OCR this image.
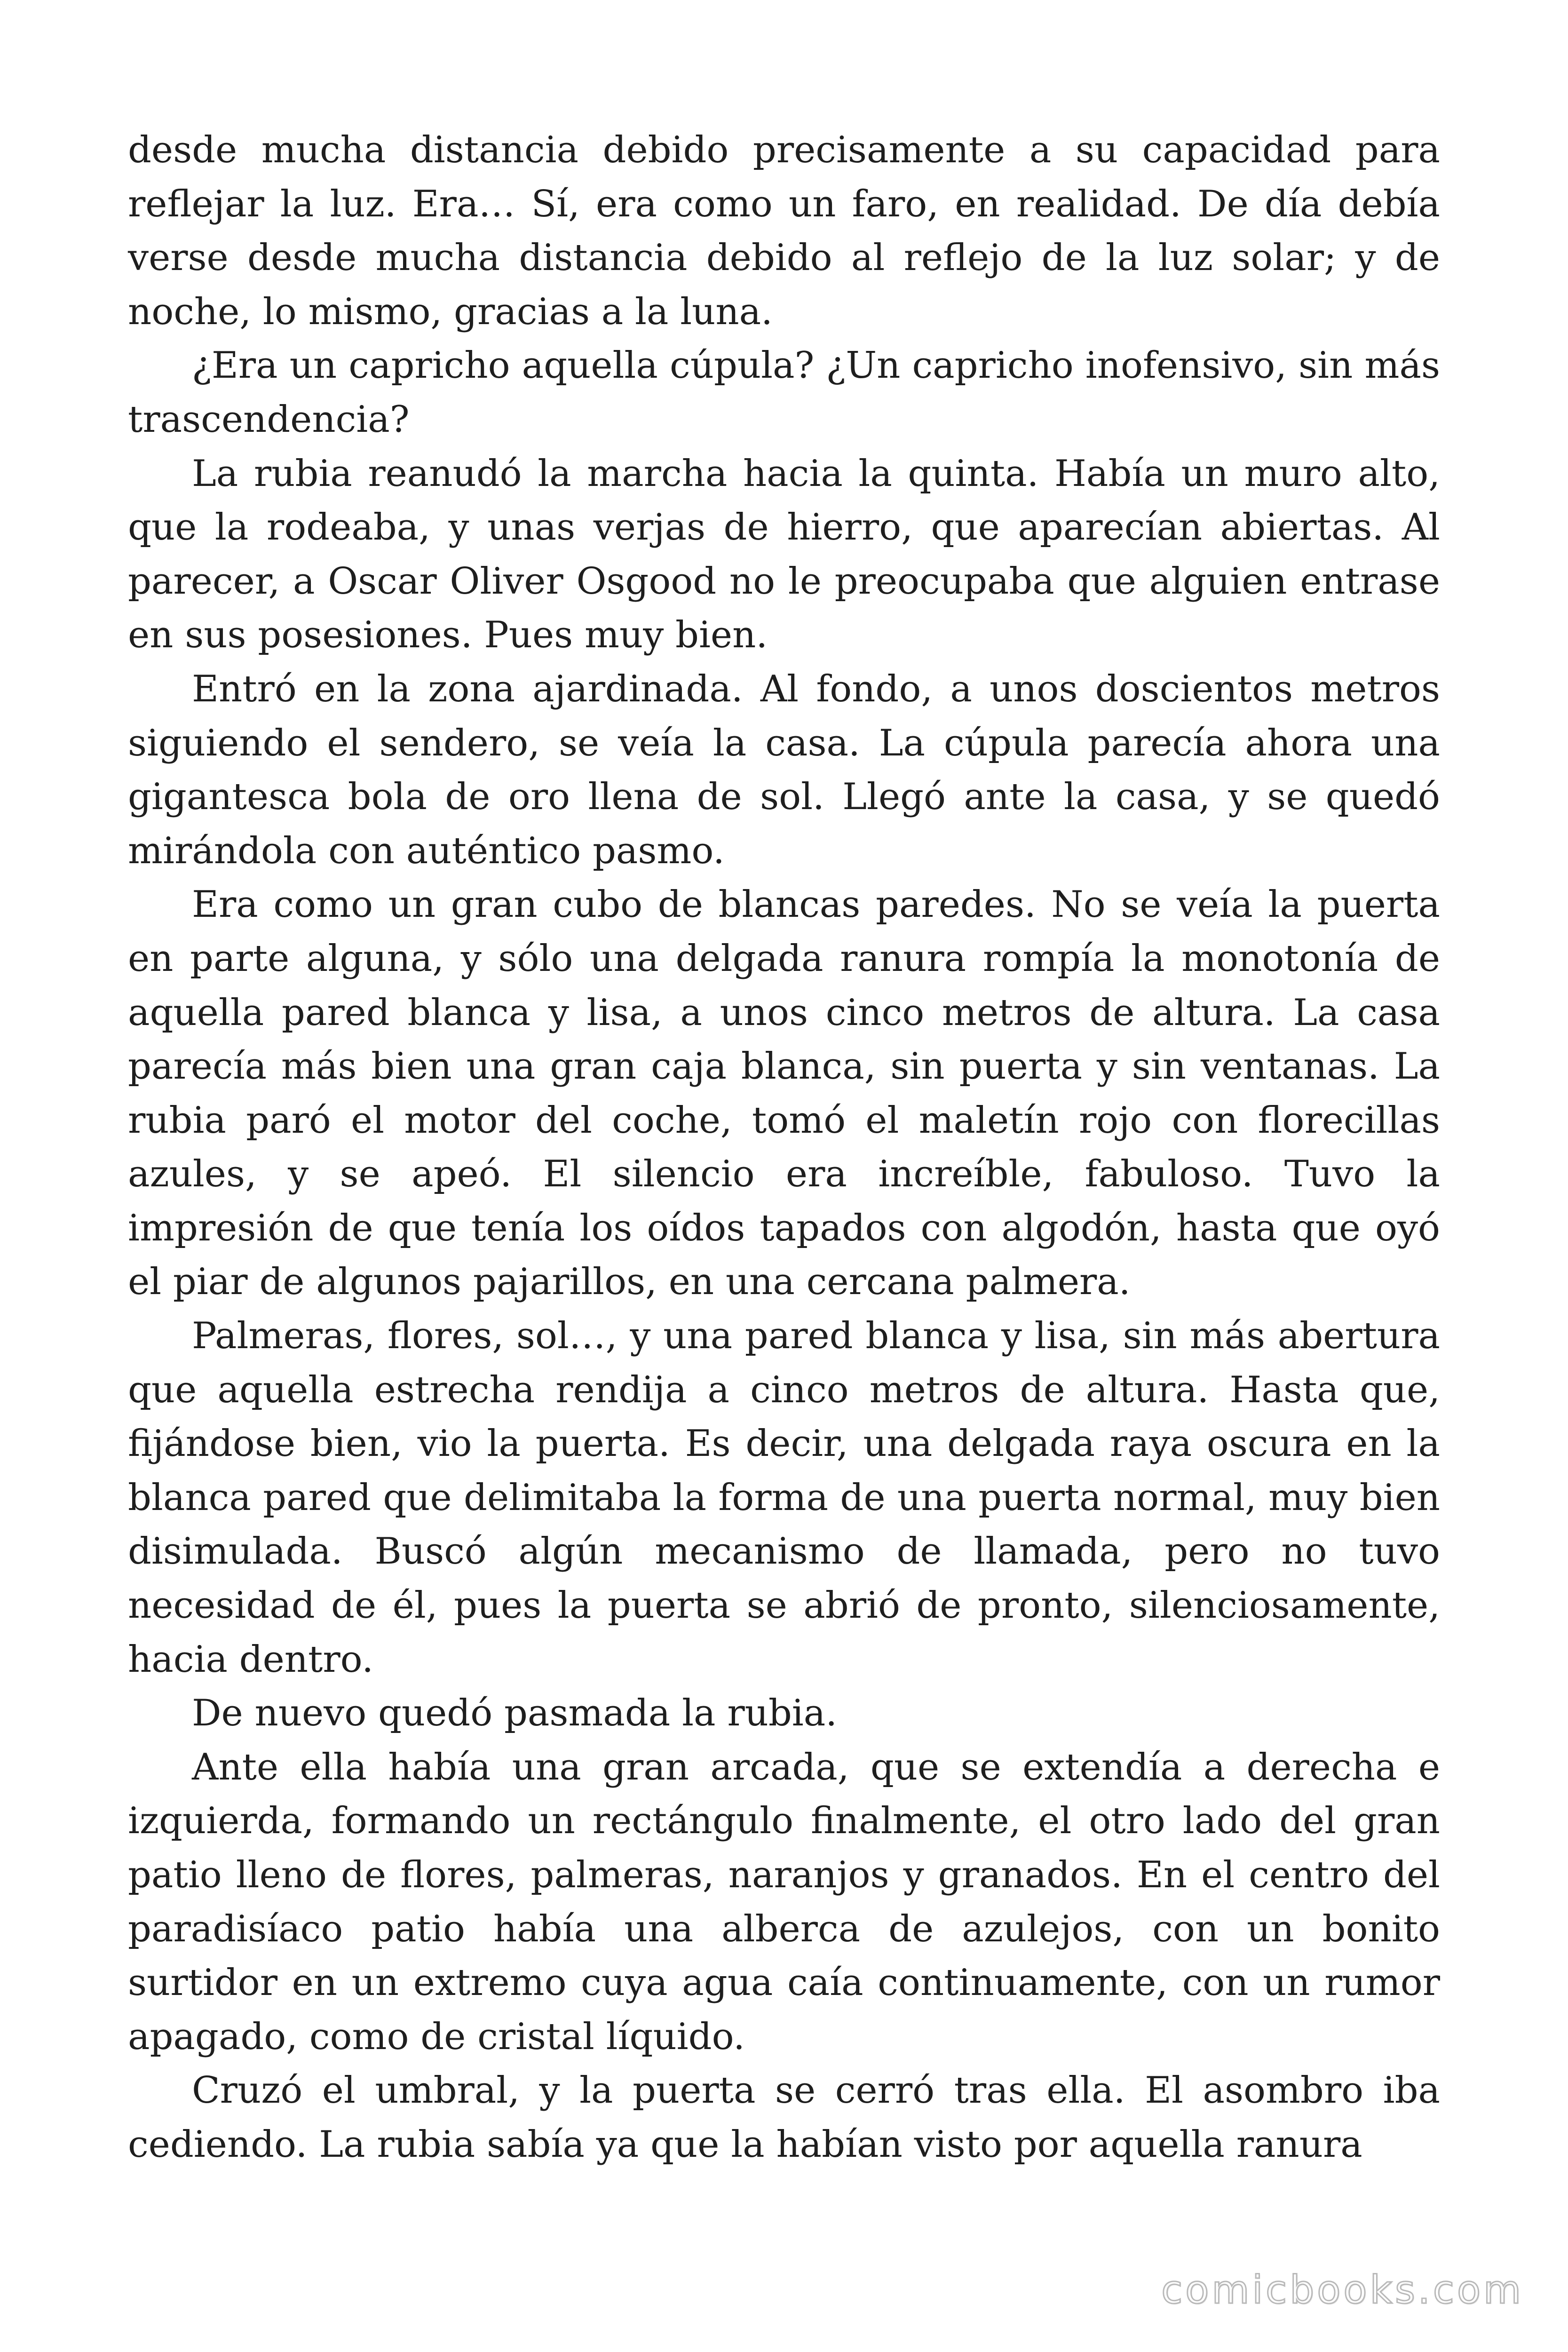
desde mucha distancia debido precisamente a su capacidad para reflejar la luz. Era… Sí, era como un faro, en realidad. De día debía verse desde mucha distancia debido al reflejo de la luz solar; y de noche, lo mismo, gracias a la luna.

¿Era un capricho aquella cúpula? ¿Un capricho inofensivo, sin más trascendencia?

La rubia reanudó la marcha hacia la quinta. Había un muro alto, que la rodeaba, y unas verjas de hierro, que aparecían abiertas. Al parecer, a Oscar Oliver Osgood no le preocupaba que alguien entrase en sus posesiones. Pues muy bien.

Entró en la zona ajardinada. Al fondo, a unos doscientos metros siguiendo el sendero, se veía la casa. La cúpula parecía ahora una gigantesca bola de oro llena de sol. Llegó ante la casa, y se quedó mirándola con auténtico pasmo.

Era como un gran cubo de blancas paredes. No se veía la puerta en parte alguna, y sólo una delgada ranura rompía la monotonía de aquella pared blanca y lisa, a unos cinco metros de altura. La casa parecía más bien una gran caja blanca, sin puerta y sin ventanas. La rubia paró el motor del coche, tomó el maletín rojo con florecillas azules, y se apeó. El silencio era increíble, fabuloso. Tuvo la impresión de que tenía los oídos tapados con algodón, hasta que oyó el piar de algunos pajarillos, en una cercana palmera.

Palmeras, flores, sol…, y una pared blanca y lisa, sin más abertura que aquella estrecha rendija a cinco metros de altura. Hasta que, fijándose bien, vio la puerta. Es decir, una delgada raya oscura en la blanca pared que delimitaba la forma de una puerta normal, muy bien disimulada. Buscó algún mecanismo de llamada, pero no tuvo necesidad de él, pues la puerta se abrió de pronto, silenciosamente, hacia dentro.

De nuevo quedó pasmada la rubia.

Ante ella había una gran arcada, que se extendía a derecha e izquierda, formando un rectángulo finalmente, el otro lado del gran patio lleno de flores, palmeras, naranjos y granados. En el centro del paradisíaco patio había una alberca de azulejos, con un bonito surtidor en un extremo cuya agua caía continuamente, con un rumor apagado, como de cristal líquido.

Cruzó el umbral, y la puerta se cerró tras ella. El asombro iba cediendo. La rubia sabía ya que la habían visto por aquella ranura

comicbooks.com
